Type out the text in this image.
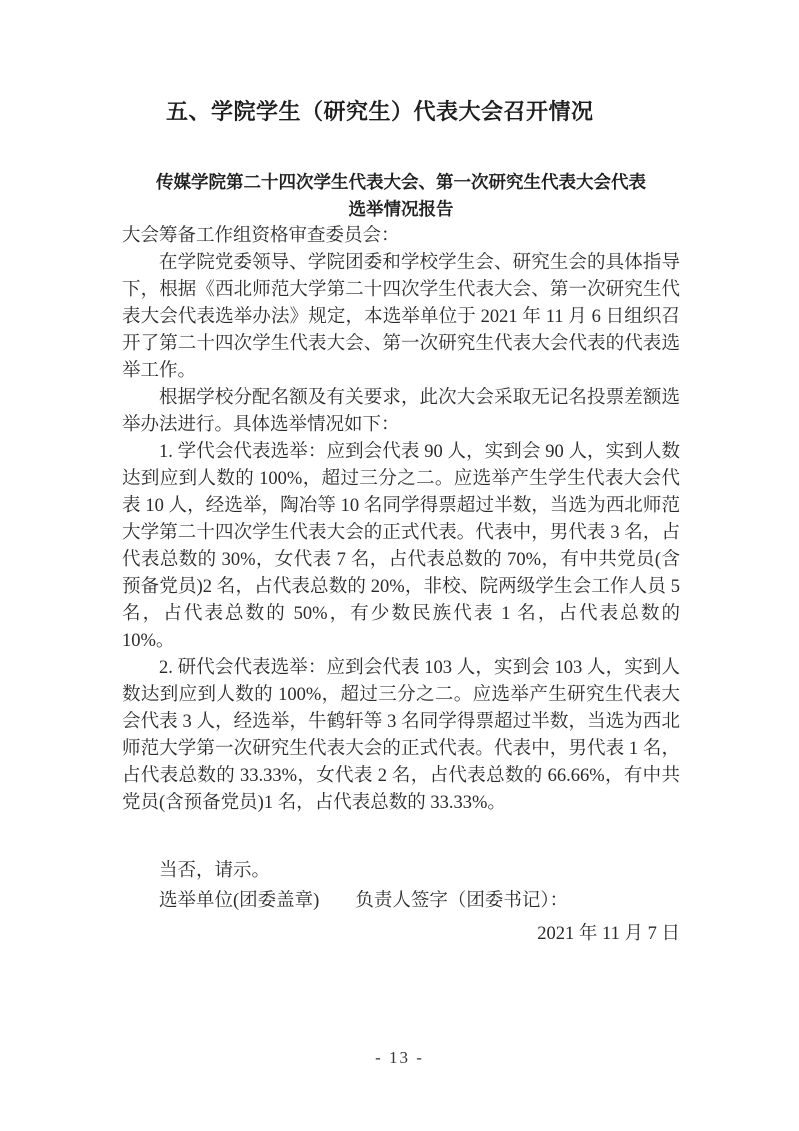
五、学院学生（研究生）代表大会召开情况
传媒学院第二十四次学生代表大会、第一次研究生代表大会代表选举情况报告

大会筹备工作组资格审查委员会：

在学院党委领导、学院团委和学校学生会、研究生会的具体指导下，根据《西北师范大学第二十四次学生代表大会、第一次研究生代表大会代表选举办法》规定，本选举单位于 2021 年 11 月 6 日组织召开了第二十四次学生代表大会、第一次研究生代表大会代表的代表选举工作。

根据学校分配名额及有关要求，此次大会采取无记名投票差额选举办法进行。具体选举情况如下：

1. 学代会代表选举：应到会代表 90 人，实到会 90 人，实到人数达到应到人数的 100%，超过三分之二。应选举产生学生代表大会代表 10 人，经选举，陶冶等 10 名同学得票超过半数，当选为西北师范大学第二十四次学生代表大会的正式代表。代表中，男代表 3 名，占代表总数的 30%，女代表 7 名，占代表总数的 70%，有中共党员(含预备党员)2 名，占代表总数的 20%，非校、院两级学生会工作人员 5 名，占代表总数的 50%，有少数民族代表 1 名，占代表总数的 10%。

2. 研代会代表选举：应到会代表 103 人，实到会 103 人，实到人数达到应到人数的 100%，超过三分之二。应选举产生研究生代表大会代表 3 人，经选举，牛鹤轩等 3 名同学得票超过半数，当选为西北师范大学第一次研究生代表大会的正式代表。代表中，男代表 1 名，占代表总数的 33.33%，女代表 2 名，占代表总数的 66.66%，有中共党员(含预备党员)1 名，占代表总数的 33.33%。

当否，请示。

选举单位(团委盖章) 负责人签字（团委书记）：

2021 年 11 月 7 日

- 13 -
